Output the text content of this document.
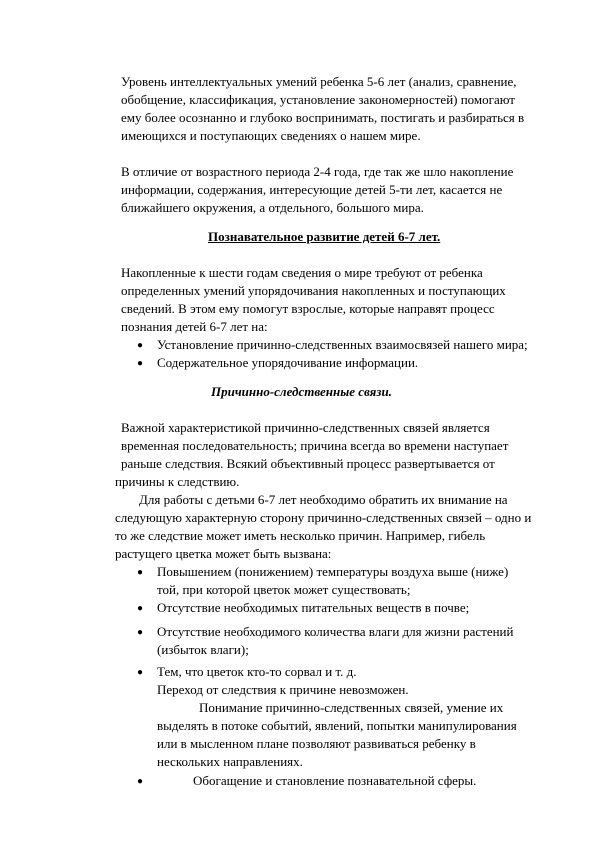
Уровень интеллектуальных умений ребенка 5-6 лет (анализ, сравнение,
обобщение, классификация, установление закономерностей) помогают
ему более осознанно и глубоко воспринимать, постигать и разбираться в
имеющихся и поступающих сведениях о нашем мире.
В отличие от возрастного периода 2-4 года, где так же шло накопление
информации, содержания, интересующие детей 5-ти лет, касается не
ближайшего окружения, а отдельного, большого мира.
Познавательное развитие детей 6-7 лет.
Накопленные к шести годам сведения о мире требуют от ребенка
определенных умений упорядочивания накопленных и поступающих
сведений. В этом ему помогут взрослые, которые направят процесс
познания детей 6-7 лет на:
● Установление причинно-следственных взаимосвязей нашего мира;
● Содержательное упорядочивание информации.
Причинно-следственные связи.
Важной характеристикой причинно-следственных связей является
временная последовательность; причина всегда во времени наступает
раньше следствия. Всякий объективный процесс развертывается от
причины к следствию.
Для работы с детьми 6-7 лет необходимо обратить их внимание на
следующую характерную сторону причинно-следственных связей – одно и
то же следствие может иметь несколько причин. Например, гибель
растущего цветка может быть вызвана:
● Повышением (понижением) температуры воздуха выше (ниже)
той, при которой цветок может существовать;
● Отсутствие необходимых питательных веществ в почве;
● Отсутствие необходимого количества влаги для жизни растений
(избыток влаги);
● Тем, что цветок кто-то сорвал и т. д.
Переход от следствия к причине невозможен.
Понимание причинно-следственных связей, умение их
выделять в потоке событий, явлений, попытки манипулирования
или в мысленном плане позволяют развиваться ребенку в
нескольких направлениях.
●	Обогащение и становление познавательной сферы.
